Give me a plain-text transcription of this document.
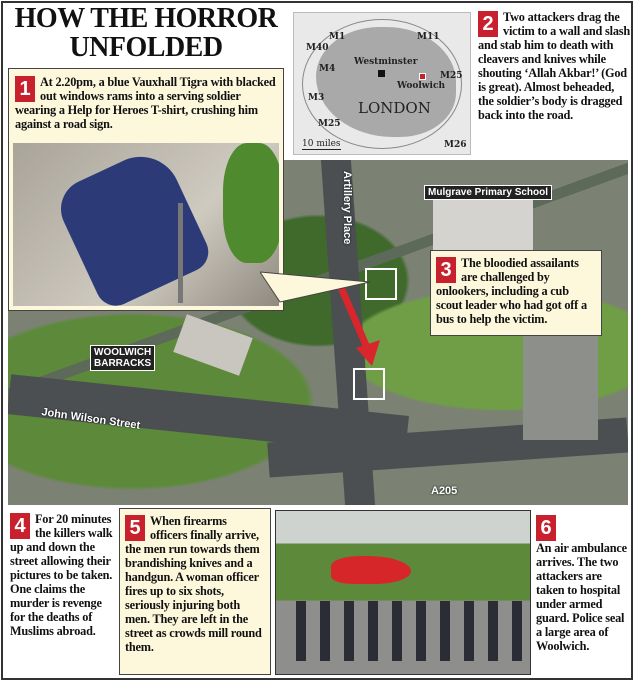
HOW THE HORROR UNFOLDED	M1
M40
M11
M4
M25
M3
M25
M26
Westminster
Woolwich
LONDON
10 miles
2 Two attackers drag the victim to a wall and slash and stab him to death with cleavers and knives while shouting ‘Allah Akbar!’ (God is great). Almost beheaded, the soldier’s body is dragged back into the road.
Artillery Place	Mulgrave Primary School
WOOLWICH
BARRACKS
John Wilson Street
A205
1 At 2.20pm, a blue Vauxhall Tigra with blacked out windows rams into a serving soldier wearing a Help for Heroes T-shirt, crushing him against a road sign.
3 The bloodied assailants are challenged by onlookers, including a cub scout leader who had got off a bus to help the victim.
4 For 20 minutes the killers walk up and down the street allowing their pictures to be taken. One claims the murder is revenge for the deaths of Muslims abroad.
5 When firearms officers finally arrive, the men run towards them brandishing knives and a handgun. A woman officer fires up to six shots, seriously injuring both men. They are left in the street as crowds mill round them.
6
An air ambulance arrives. The two attackers are taken to hospital under armed guard. Police seal a large area of Woolwich.
